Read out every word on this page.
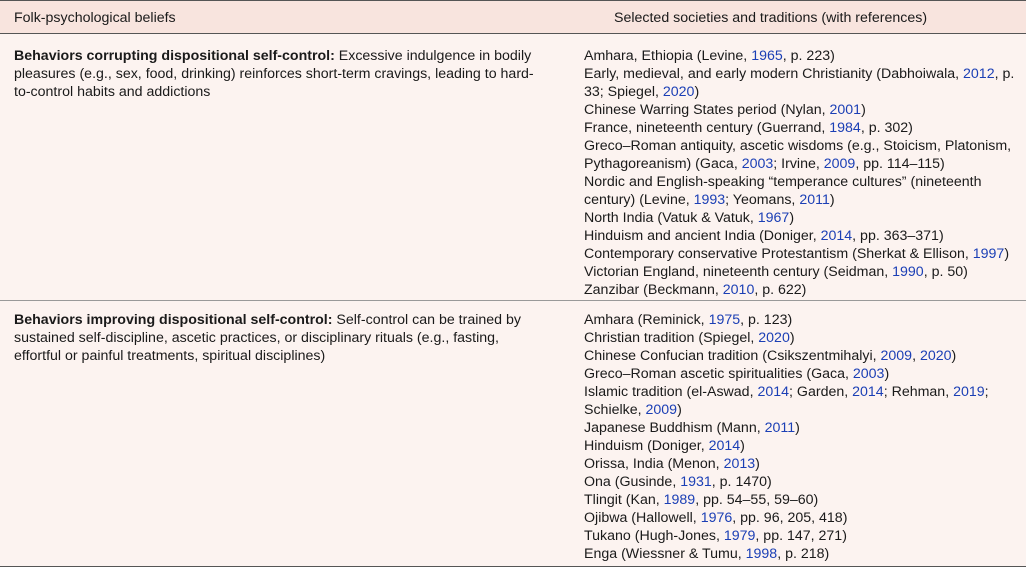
Folk-psychological beliefs	Selected societies and traditions (with references)
Behaviors corrupting dispositional self-control: Excessive indulgence in bodily pleasures (e.g., sex, food, drinking) reinforces short-term cravings, leading to hard-to-control habits and addictions
Amhara, Ethiopia (Levine, 1965, p. 223)
Early, medieval, and early modern Christianity (Dabhoiwala, 2012, p. 33; Spiegel, 2020)
Chinese Warring States period (Nylan, 2001)
France, nineteenth century (Guerrand, 1984, p. 302)
Greco–Roman antiquity, ascetic wisdoms (e.g., Stoicism, Platonism, Pythagoreanism) (Gaca, 2003; Irvine, 2009, pp. 114–115)
Nordic and English-speaking “temperance cultures” (nineteenth century) (Levine, 1993; Yeomans, 2011)
North India (Vatuk & Vatuk, 1967)
Hinduism and ancient India (Doniger, 2014, pp. 363–371)
Contemporary conservative Protestantism (Sherkat & Ellison, 1997)
Victorian England, nineteenth century (Seidman, 1990, p. 50)
Zanzibar (Beckmann, 2010, p. 622)
Behaviors improving dispositional self-control: Self-control can be trained by sustained self-discipline, ascetic practices, or disciplinary rituals (e.g., fasting, effortful or painful treatments, spiritual disciplines)
Amhara (Reminick, 1975, p. 123)
Christian tradition (Spiegel, 2020)
Chinese Confucian tradition (Csikszentmihalyi, 2009, 2020)
Greco–Roman ascetic spiritualities (Gaca, 2003)
Islamic tradition (el-Aswad, 2014; Garden, 2014; Rehman, 2019; Schielke, 2009)
Japanese Buddhism (Mann, 2011)
Hinduism (Doniger, 2014)
Orissa, India (Menon, 2013)
Ona (Gusinde, 1931, p. 1470)
Tlingit (Kan, 1989, pp. 54–55, 59–60)
Ojibwa (Hallowell, 1976, pp. 96, 205, 418)
Tukano (Hugh-Jones, 1979, pp. 147, 271)
Enga (Wiessner & Tumu, 1998, p. 218)
